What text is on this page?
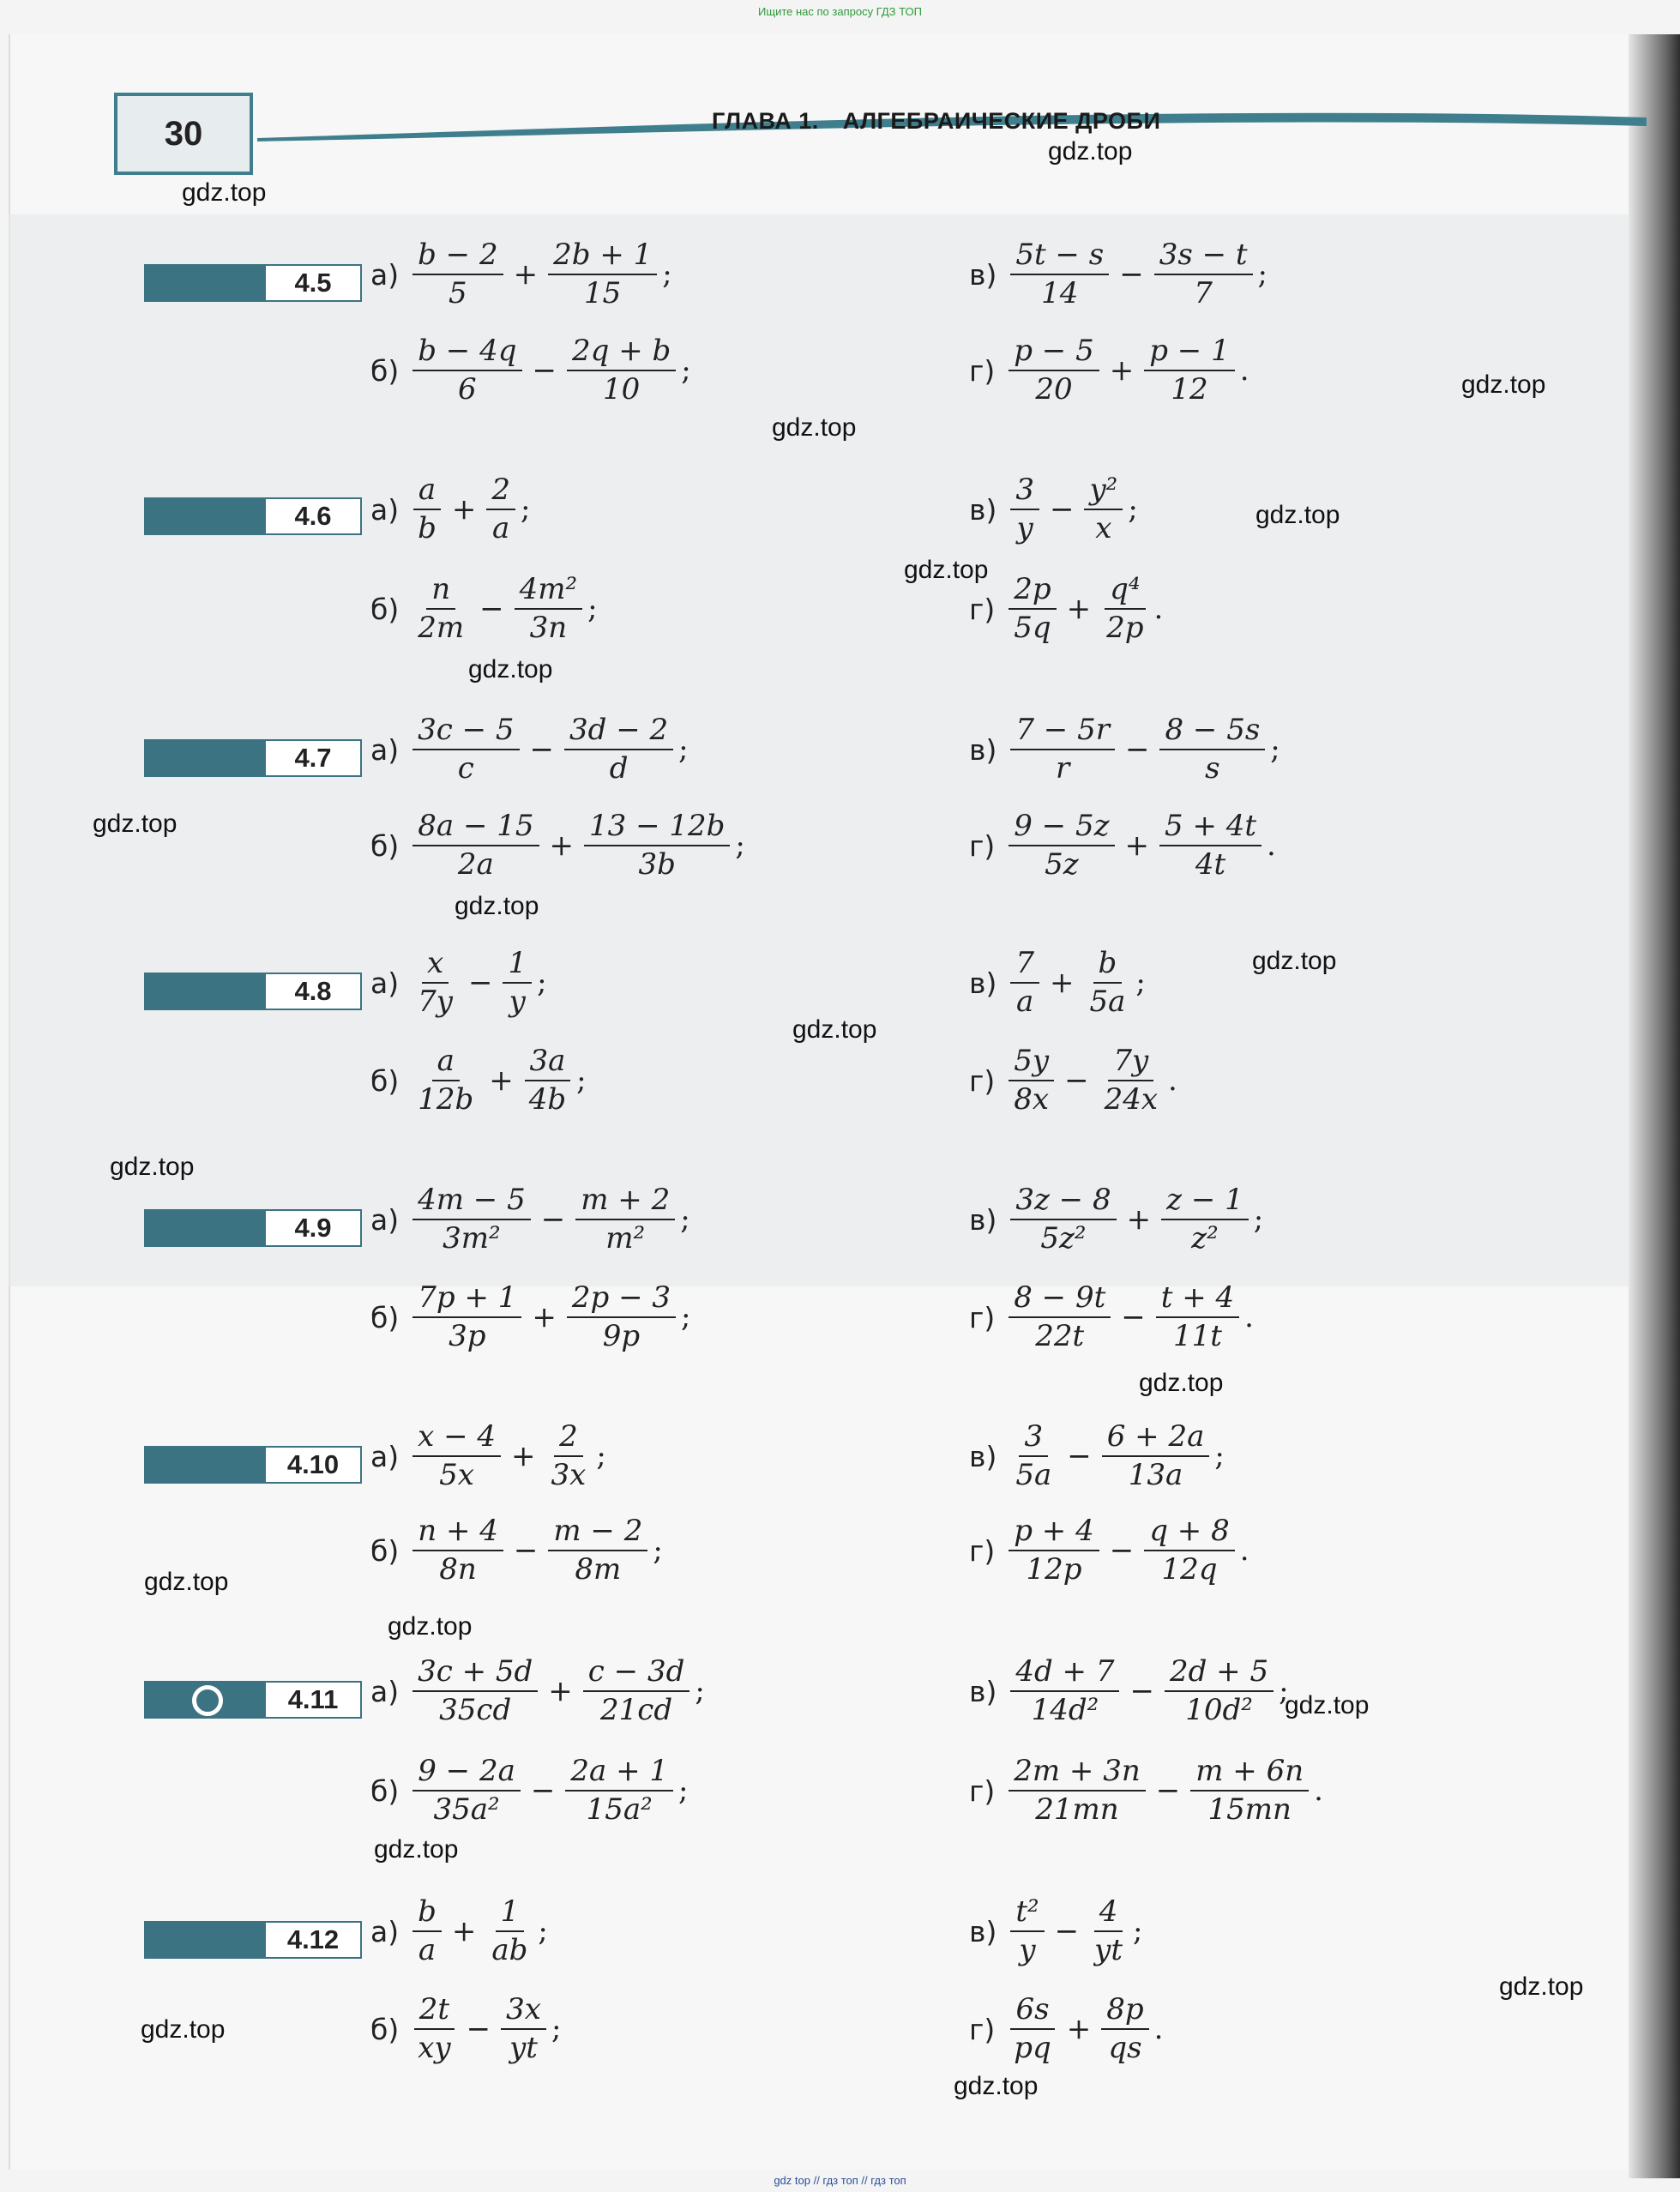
Ищите нас по запросу ГДЗ ТОП
30	ГЛАВА 1. АЛГЕБРАИЧЕСКИЕ ДРОБИ
gdz.top
gdz.top
gdz.top
gdz.top
gdz.top
gdz.top
gdz.top
gdz.top
gdz.top
gdz.top
gdz.top
gdz.top
gdz.top
gdz.top
gdz.top
gdz.top
gdz.top
gdz.top
gdz.top
gdz.top
4.5	$а) \frac{b - 2}{5} + \frac{2b + 1}{15}$ ;	$в) \frac{5t - s}{14} - \frac{3s - t}{7}$ ;
$б) \frac{b - 4q}{6} - \frac{2q + b}{10}$ ;	$г) \frac{p - 5}{20} + \frac{p - 1}{12}$ .
4.6	$а) \frac{a}{b} + \frac{2}{a}$ ;	$в) \frac{3}{y} - \frac{\text{y²}}{x}$ ;
$б) \frac{n}{2m} - \frac{\text{4m²}}{3n}$ ;	$г) \frac{2p}{5q} + \frac{\text{q⁴}}{2p}$ .
4.7	$а) \frac{3c - 5}{c} - \frac{3d - 2}{d}$ ;	$в) \frac{7 - 5r}{r} - \frac{8 - 5s}{s}$ ;
$б) \frac{8a - 15}{2a} + \frac{13 - 12b}{3b}$ ;	$г) \frac{9 - 5z}{5z} + \frac{5 + 4t}{4t}$ .
4.8	$а) \frac{x}{7y} - \frac{1}{y}$ ;	$в) \frac{7}{a} + \frac{b}{5a}$ ;
$б) \frac{a}{12b} + \frac{3a}{4b}$ ;	$г) \frac{5y}{8x} - \frac{7y}{24x}$ .
4.9	$а) \frac{4m - 5}{\text{3m²}} - \frac{m + 2}{\text{m²}}$ ;	$в) \frac{3z - 8}{\text{5z²}} + \frac{z - 1}{\text{z²}}$ ;
$б) \frac{7p + 1}{3p} + \frac{2p - 3}{9p}$ ;	$г) \frac{8 - 9t}{22t} - \frac{t + 4}{11t}$ .
4.10	$а) \frac{x - 4}{5x} + \frac{2}{3x}$ ;	$в) \frac{3}{5a} - \frac{6 + 2a}{13a}$ ;
$б) \frac{n + 4}{8n} - \frac{m - 2}{8m}$ ;	$г) \frac{p + 4}{12p} - \frac{q + 8}{12q}$ .
4.11	$а) \frac{3c + 5d}{35cd} + \frac{c - 3d}{21cd}$ ;	$в) \frac{4d + 7}{\text{14d²}} - \frac{2d + 5}{\text{10d²}}$ ;
$б) \frac{9 - 2a}{\text{35a²}} - \frac{2a + 1}{\text{15a²}}$ ;	$г) \frac{2m + 3n}{21mn} - \frac{m + 6n}{15mn}$ .
4.12	$а) \frac{b}{a} + \frac{1}{ab}$ ;	$в) \frac{\text{t²}}{y} - \frac{4}{yt}$ ;
$б) \frac{2t}{xy} - \frac{3x}{yt}$ ;	$г) \frac{6s}{pq} + \frac{8p}{qs}$ .
gdz top // гдз топ // гдз топ
